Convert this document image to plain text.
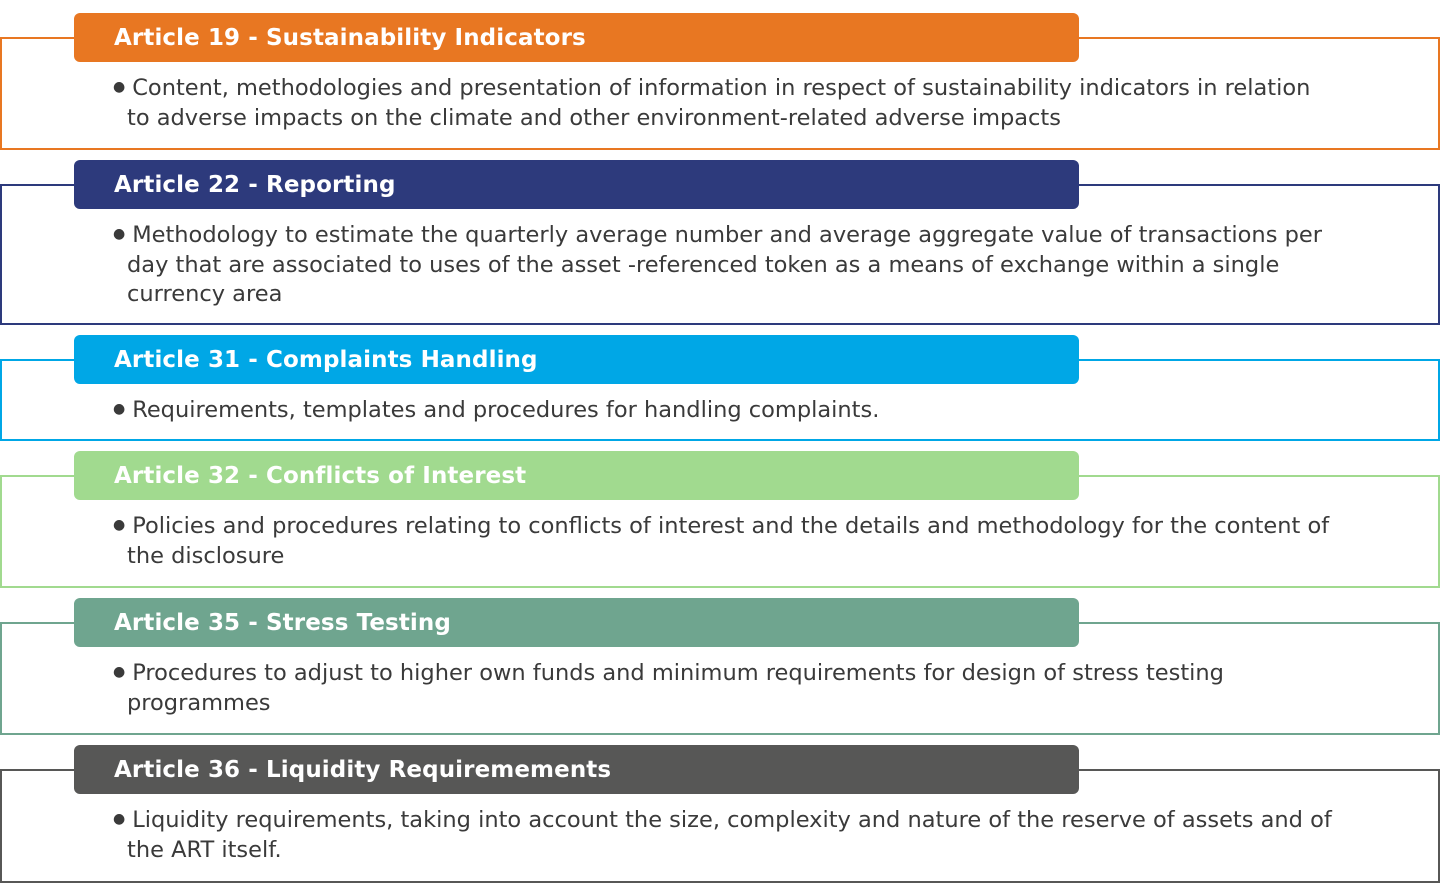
Article 19 - Sustainability Indicators

● Content, methodologies and presentation of information in respect of sustainability indicators in relation to adverse impacts on the climate and other environment-related adverse impacts

Article 22 - Reporting

● Methodology to estimate the quarterly average number and average aggregate value of transactions per day that are associated to uses of the asset -referenced token as a means of exchange within a single currency area

Article 31 - Complaints Handling

● Requirements, templates and procedures for handling complaints.

Article 32 - Conflicts of Interest

● Policies and procedures relating to conflicts of interest and the details and methodology for the content of the disclosure

Article 35 - Stress Testing

● Procedures to adjust to higher own funds and minimum requirements for design of stress testing programmes

Article 36 - Liquidity Requiremements

● Liquidity requirements, taking into account the size, complexity and nature of the reserve of assets and of the ART itself.
